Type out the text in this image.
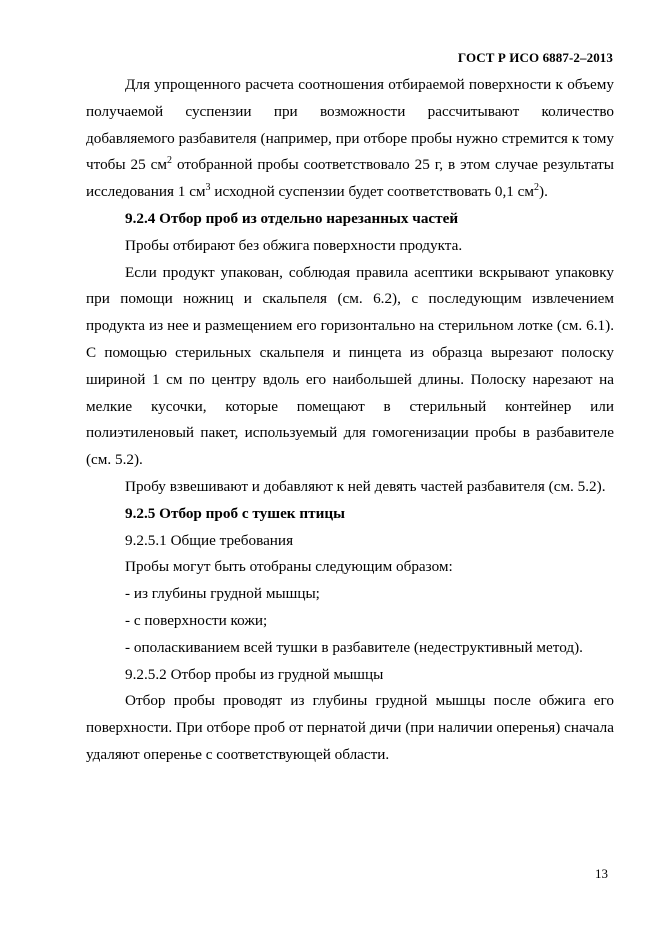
ГОСТ Р ИСО 6887-2–2013

Для упрощенного расчета соотношения отбираемой поверхности к объему получаемой суспензии при возможности рассчитывают количество добавляемого разбавителя (например, при отборе пробы нужно стремится к тому чтобы 25 $см^2$ отобранной пробы соответствовало 25 г, в этом случае результаты исследования 1 $см^3$ исходной суспензии будет соответствовать 0,1 $см^2$).

9.2.4 Отбор проб из отдельно нарезанных частей

Пробы отбирают без обжига поверхности продукта.

Если продукт упакован, соблюдая правила асептики вскрывают упаковку при помощи ножниц и скальпеля (см. 6.2), с последующим извлечением продукта из нее и размещением его горизонтально на стерильном лотке (см. 6.1). С помощью стерильных скальпеля и пинцета из образца вырезают полоску шириной 1 см по центру вдоль его наибольшей длины. Полоску нарезают на мелкие кусочки, которые помещают в стерильный контейнер или полиэтиленовый пакет, используемый для гомогенизации пробы в разбавителе (см. 5.2).

Пробу взвешивают и добавляют к ней девять частей разбавителя (см. 5.2).

9.2.5 Отбор проб с тушек птицы

9.2.5.1 Общие требования

Пробы могут быть отобраны следующим образом:

- из глубины грудной мышцы;

- с поверхности кожи;

- ополаскиванием всей тушки в разбавителе (недеструктивный метод).

9.2.5.2 Отбор пробы из грудной мышцы

Отбор пробы проводят из глубины грудной мышцы после обжига его поверхности. При отборе проб от пернатой дичи (при наличии оперенья) сначала удаляют оперенье с соответствующей области.

13
